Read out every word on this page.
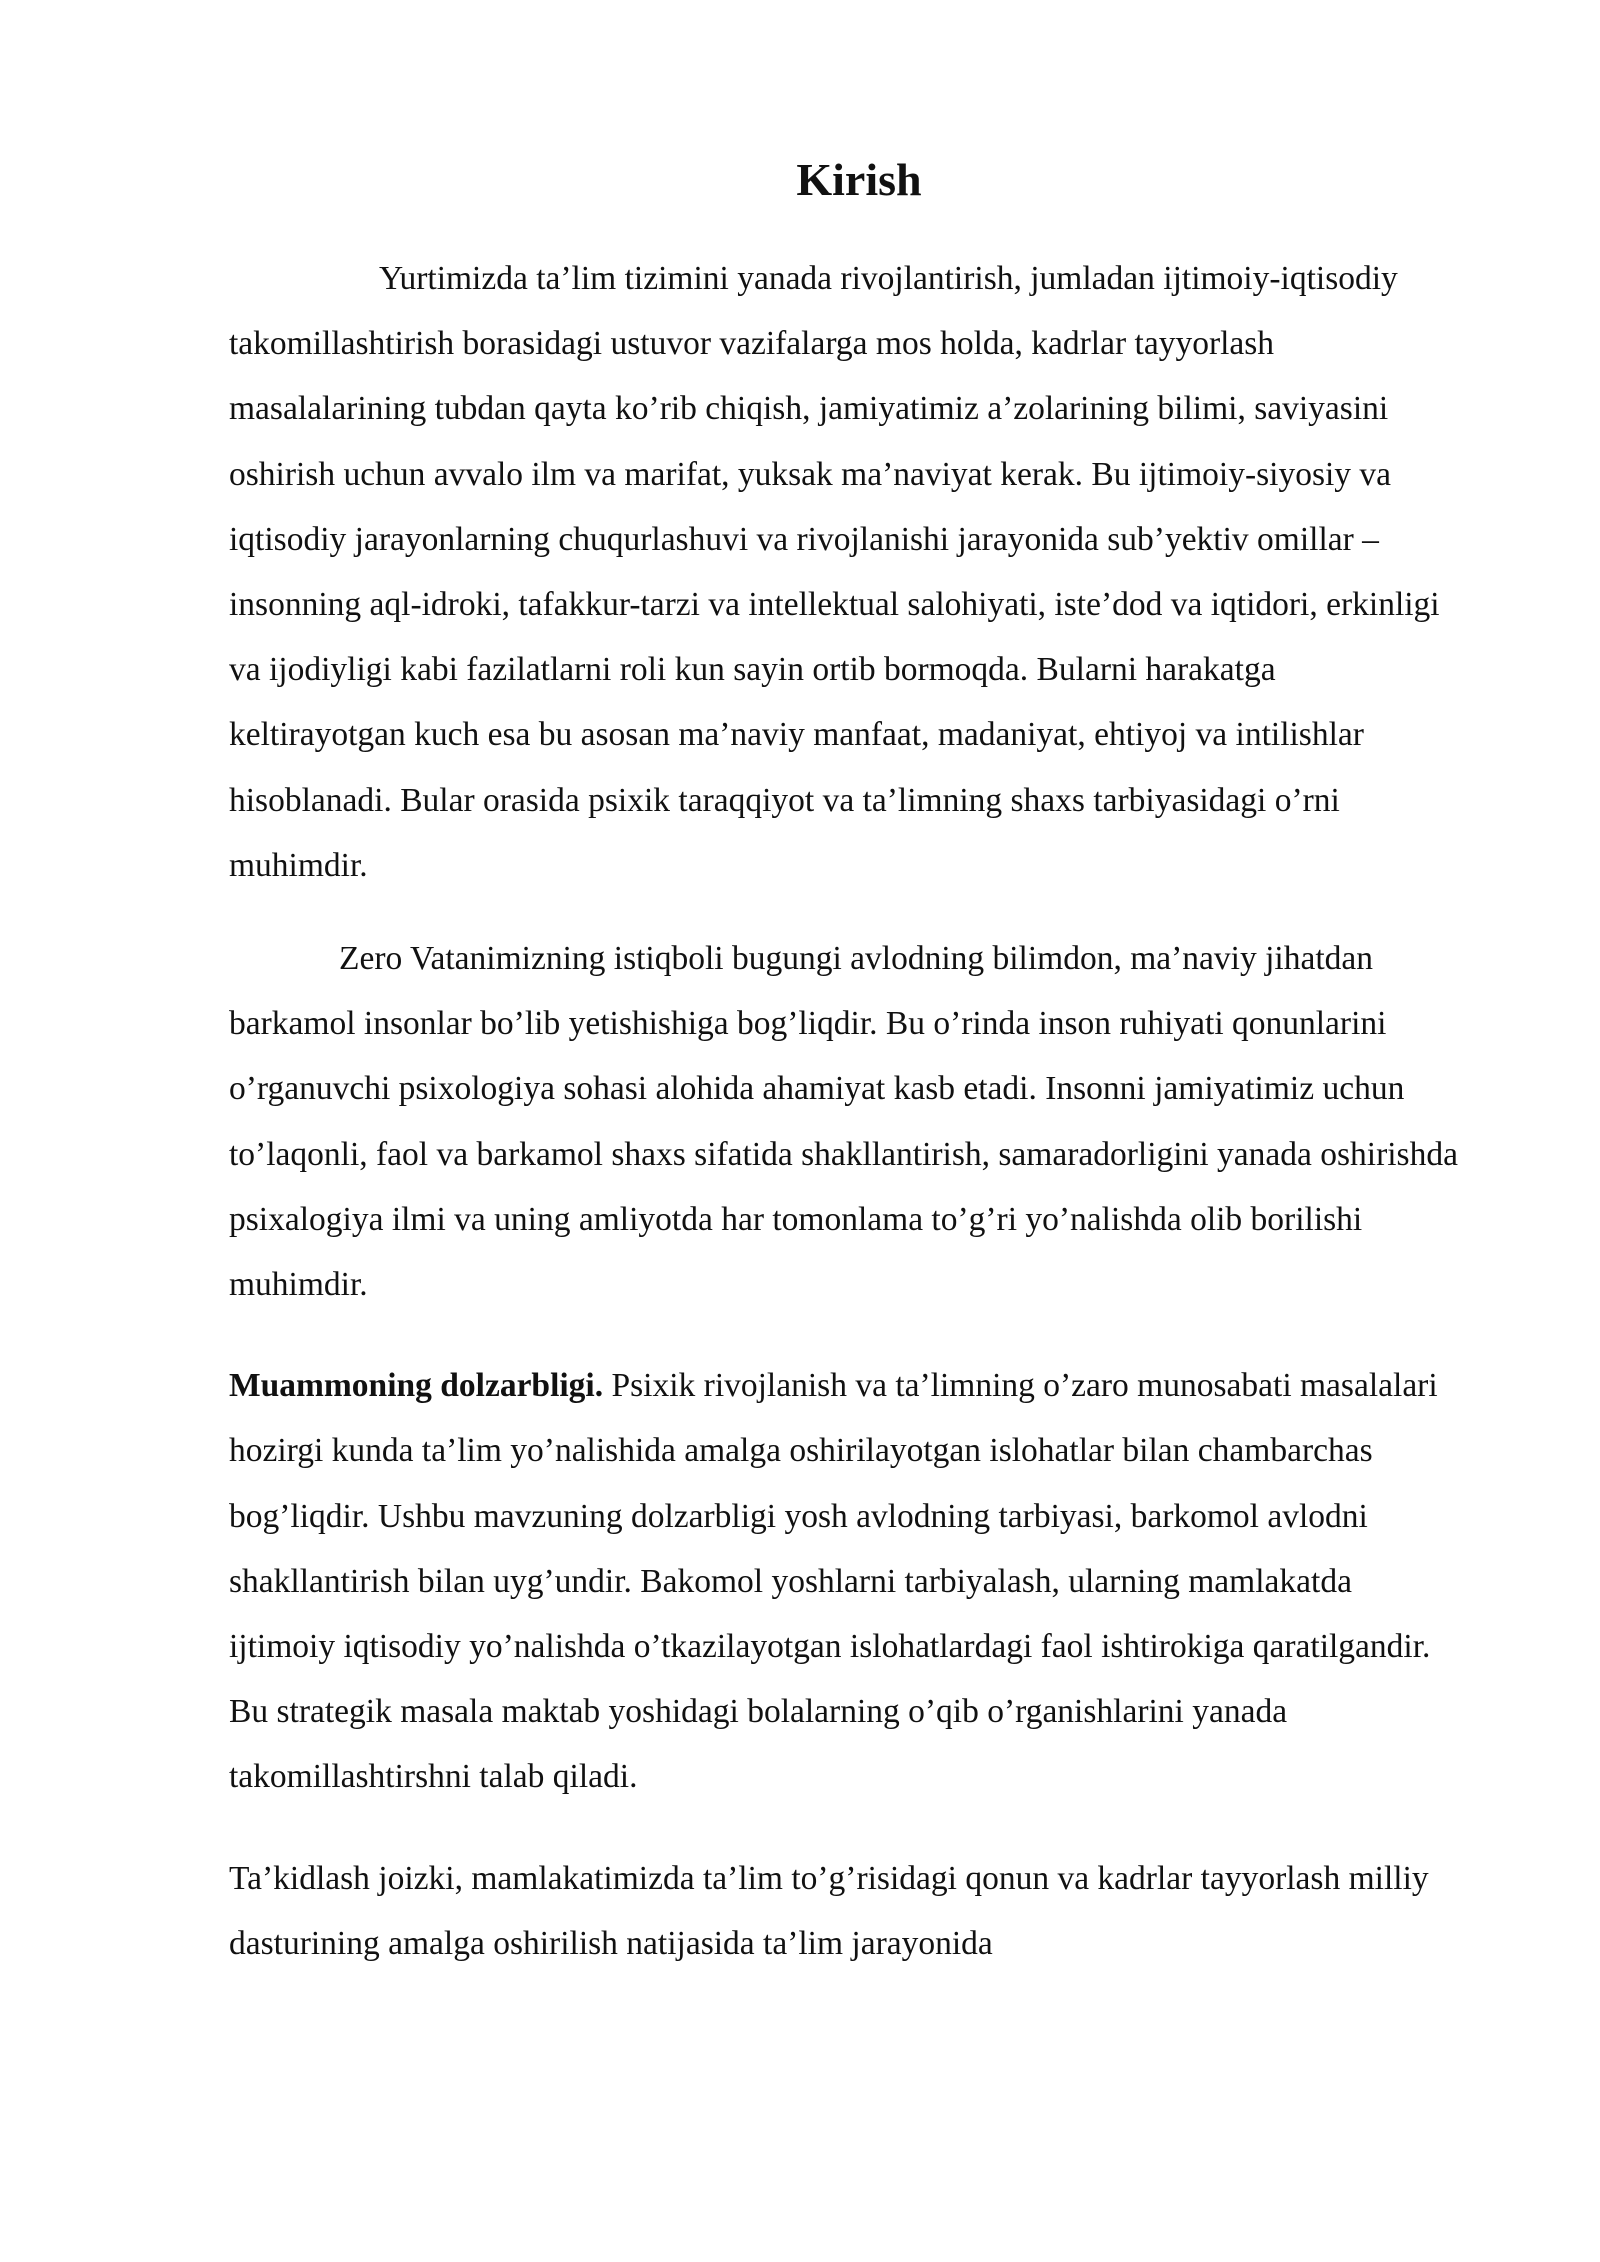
Kirish

Yurtimizda ta’lim tizimini yanada rivojlantirish, jumladan ijtimoiy-iqtisodiy takomillashtirish borasidagi ustuvor vazifalarga mos holda, kadrlar tayyorlash masalalarining tubdan qayta ko’rib chiqish, jamiyatimiz a’zolarining bilimi, saviyasini oshirish uchun avvalo ilm va marifat, yuksak ma’naviyat kerak. Bu ijtimoiy-siyosiy va iqtisodiy jarayonlarning chuqurlashuvi va rivojlanishi jarayonida sub’yektiv omillar – insonning aql-idroki, tafakkur-tarzi va intellektual salohiyati, iste’dod va iqtidori, erkinligi va ijodiyligi kabi fazilatlarni roli kun sayin ortib bormoqda. Bularni harakatga keltirayotgan kuch esa bu asosan ma’naviy manfaat, madaniyat, ehtiyoj va intilishlar hisoblanadi. Bular orasida psixik taraqqiyot va ta’limning shaxs tarbiyasidagi o’rni muhimdir.

Zero Vatanimizning istiqboli bugungi avlodning bilimdon, ma’naviy jihatdan barkamol insonlar bo’lib yetishishiga bog’liqdir. Bu o’rinda inson ruhiyati qonunlarini o’rganuvchi psixologiya sohasi alohida ahamiyat kasb etadi. Insonni jamiyatimiz uchun to’laqonli, faol va barkamol shaxs sifatida shakllantirish, samaradorligini yanada oshirishda psixalogiya ilmi va uning amliyotda har tomonlama to’g’ri yo’nalishda olib borilishi muhimdir.

Muammoning dolzarbligi. Psixik rivojlanish va ta’limning o’zaro munosabati masalalari hozirgi kunda ta’lim yo’nalishida amalga oshirilayotgan islohatlar bilan chambarchas bog’liqdir. Ushbu mavzuning dolzarbligi yosh avlodning tarbiyasi, barkomol avlodni shakllantirish bilan uyg’undir. Bakomol yoshlarni tarbiyalash, ularning mamlakatda ijtimoiy iqtisodiy yo’nalishda o’tkazilayotgan islohatlardagi faol ishtirokiga qaratilgandir. Bu strategik masala maktab yoshidagi bolalarning o’qib o’rganishlarini yanada takomillashtirshni talab qiladi.

Ta’kidlash joizki, mamlakatimizda ta’lim to’g’risidagi qonun va kadrlar tayyorlash milliy dasturining amalga oshirilish natijasida ta’lim jarayonida
